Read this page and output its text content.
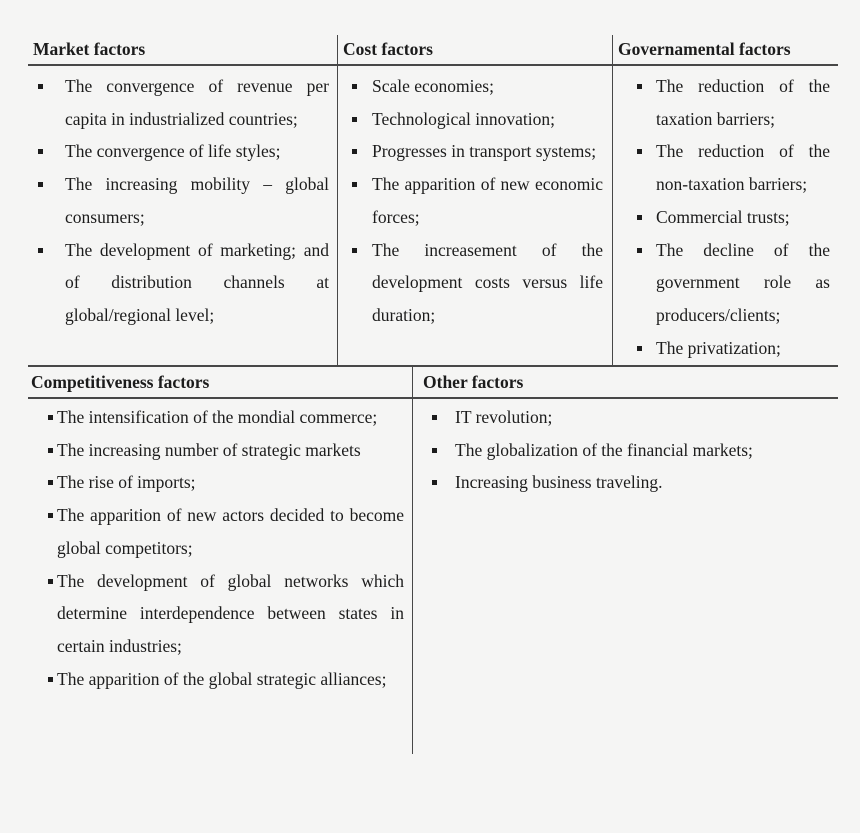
Market factors
The convergence of revenue per capita in industrialized countries;
The convergence of life styles;
The increasing mobility – global consumers;
The development of marketing; and of distribution channels at global/regional level;
Cost factors
Scale economies;
Technological innovation;
Progresses in transport systems;
The apparition of new economic forces;
The increasement of the development costs versus life duration;
Governamental factors
The reduction of the taxation barriers;
The reduction of the non-taxation barriers;
Commercial trusts;
The decline of the government role as producers/clients;
The privatization;
Competitiveness factors
The intensification of the mondial commerce;
The increasing number of strategic markets
The rise of imports;
The apparition of new actors decided to become global competitors;
The development of global networks which determine interdependence between states in certain industries;
The apparition of the global strategic alliances;
Other factors
IT revolution;
The globalization of the financial markets;
Increasing business traveling.
